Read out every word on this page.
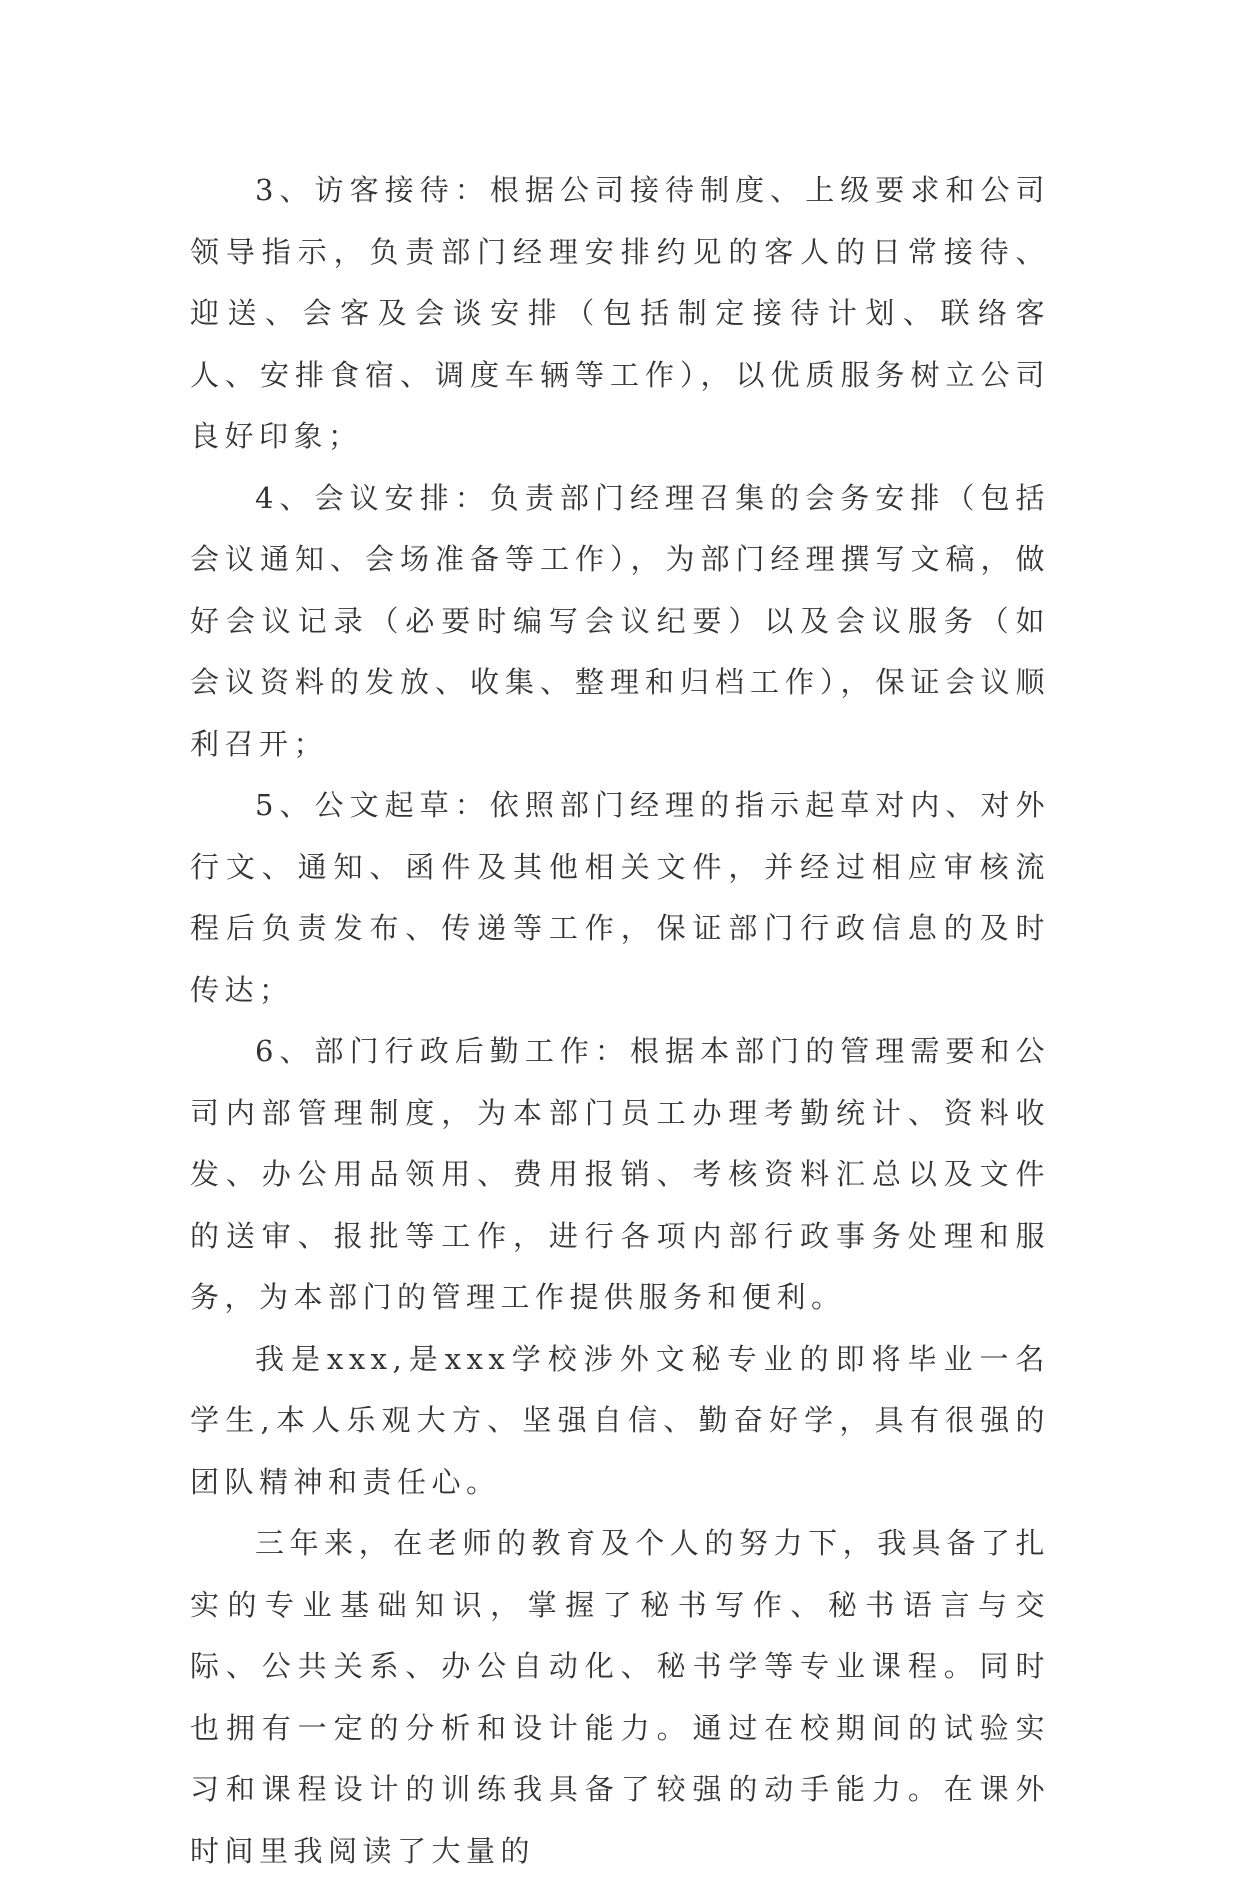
3、访客接待：根据公司接待制度、上级要求和公司领导指示，负责部门经理安排约见的客人的日常接待、迎送、会客及会谈安排（包括制定接待计划、联络客人、安排食宿、调度车辆等工作），以优质服务树立公司良好印象；

4、会议安排：负责部门经理召集的会务安排（包括会议通知、会场准备等工作），为部门经理撰写文稿，做好会议记录（必要时编写会议纪要）以及会议服务（如会议资料的发放、收集、整理和归档工作），保证会议顺利召开；

5、公文起草：依照部门经理的指示起草对内、对外行文、通知、函件及其他相关文件，并经过相应审核流程后负责发布、传递等工作，保证部门行政信息的及时传达；

6、部门行政后勤工作：根据本部门的管理需要和公司内部管理制度，为本部门员工办理考勤统计、资料收发、办公用品领用、费用报销、考核资料汇总以及文件的送审、报批等工作，进行各项内部行政事务处理和服务，为本部门的管理工作提供服务和便利。

我是xxx,是xxx学校涉外文秘专业的即将毕业一名学生,本人乐观大方、坚强自信、勤奋好学，具有很强的团队精神和责任心。

三年来，在老师的教育及个人的努力下，我具备了扎实的专业基础知识，掌握了秘书写作、秘书语言与交际、公共关系、办公自动化、秘书学等专业课程。同时也拥有一定的分析和设计能力。通过在校期间的试验实习和课程设计的训练我具备了较强的动手能力。在课外时间里我阅读了大量的
